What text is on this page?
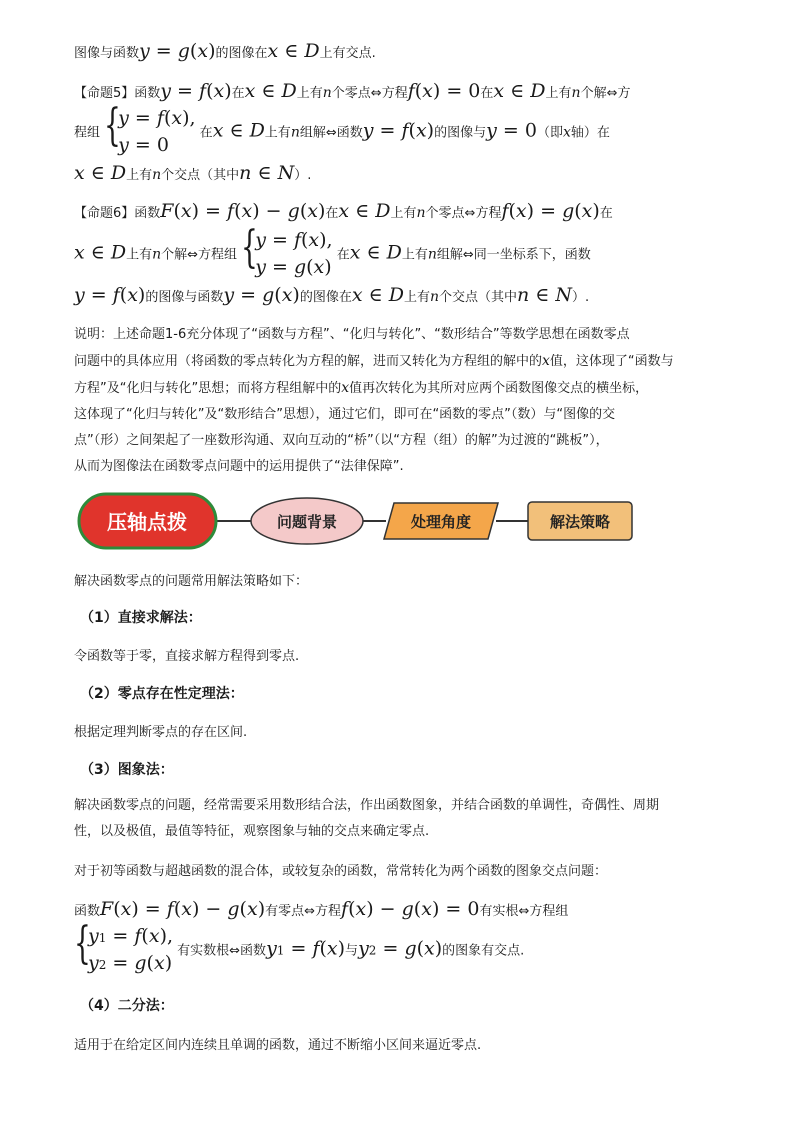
图像与函数y = g(x)的图像在x ∈ D上有交点.
【命题5】函数y = f(x)在x ∈ D上有n个零点⇔方程f(x) = 0在x ∈ D上有n个解⇔方
程组 {
y = f(x),
y = 0
在x ∈ D上有n组解⇔函数y = f(x)的图像与y = 0（即x轴）在
x ∈ D上有n个交点（其中n ∈ N）.
【命题6】函数F(x) = f(x) − g(x)在x ∈ D上有n个零点⇔方程f(x) = g(x)在
x ∈ D上有n个解⇔方程组 {
y = f(x),
y = g(x)
在x ∈ D上有n组解⇔同一坐标系下，函数
y = f(x)的图像与函数y = g(x)的图像在x ∈ D上有n个交点（其中n ∈ N）.
说明：上述命题1-6充分体现了“函数与方程”、“化归与转化”、“数形结合”等数学思想在函数零点
问题中的具体应用（将函数的零点转化为方程的解，进而又转化为方程组的解中的x值，这体现了“函数与
方程”及“化归与转化”思想；而将方程组解中的x值再次转化为其所对应两个函数图像交点的横坐标，
这体现了“化归与转化”及“数形结合”思想），通过它们，即可在“函数的零点”（数）与“图像的交
点”（形）之间架起了一座数形沟通、双向互动的“桥”（以“方程（组）的解”为过渡的“跳板”），
从而为图像法在函数零点问题中的运用提供了“法律保障”.
压轴点拨	问题背景	处理角度	解法策略
解决函数零点的问题常用解法策略如下：
（1）直接求解法：
令函数等于零，直接求解方程得到零点.
（2）零点存在性定理法：
根据定理判断零点的存在区间.
（3）图象法：
解决函数零点的问题，经常需要采用数形结合法，作出函数图象，并结合函数的单调性，奇偶性、周期
性，以及极值，最值等特征，观察图象与轴的交点来确定零点.
对于初等函数与超越函数的混合体，或较复杂的函数，常常转化为两个函数的图象交点问题：
函数F(x) = f(x) − g(x)有零点⇔方程f(x) − g(x) = 0有实根⇔方程组
{
y1 = f(x),
y2 = g(x)
有实数根⇔函数y1 = f(x)与y2 = g(x)的图象有交点.
（4）二分法：
适用于在给定区间内连续且单调的函数，通过不断缩小区间来逼近零点.
